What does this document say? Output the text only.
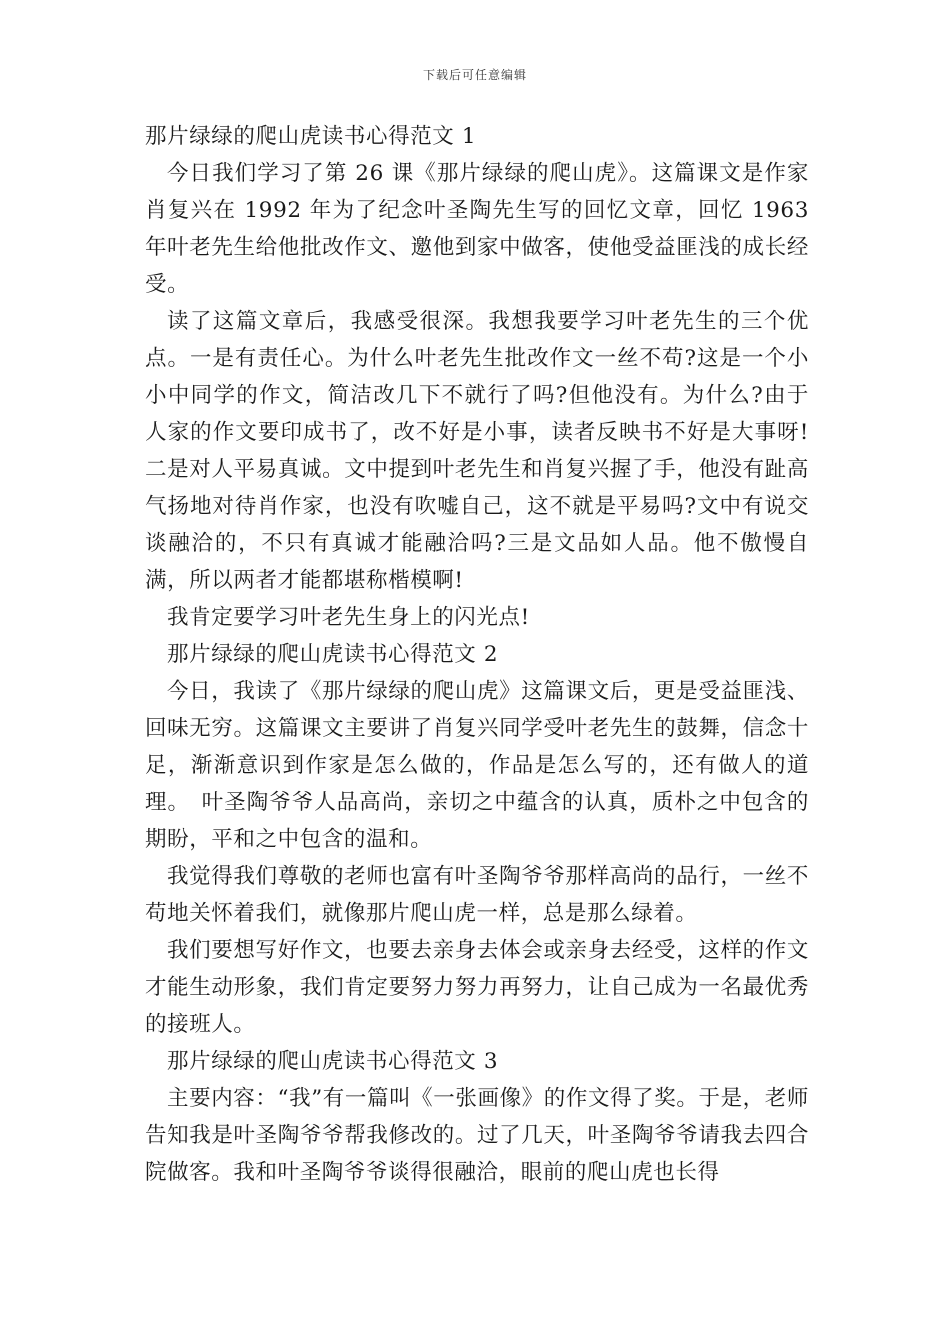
下载后可任意编辑

那片绿绿的爬山虎读书心得范文 1

今日我们学习了第 26 课《那片绿绿的爬山虎》。这篇课文是作家肖复兴在 1992 年为了纪念叶圣陶先生写的回忆文章，回忆 1963 年叶老先生给他批改作文、邀他到家中做客，使他受益匪浅的成长经受。

读了这篇文章后，我感受很深。我想我要学习叶老先生的三个优点。一是有责任心。为什么叶老先生批改作文一丝不苟?这是一个小小中同学的作文，简洁改几下不就行了吗?但他没有。为什么?由于人家的作文要印成书了，改不好是小事，读者反映书不好是大事呀!二是对人平易真诚。文中提到叶老先生和肖复兴握了手，他没有趾高气扬地对待肖作家，也没有吹嘘自己，这不就是平易吗?文中有说交谈融洽的，不只有真诚才能融洽吗?三是文品如人品。他不傲慢自满，所以两者才能都堪称楷模啊!

我肯定要学习叶老先生身上的闪光点!

那片绿绿的爬山虎读书心得范文 2

今日，我读了《那片绿绿的爬山虎》这篇课文后，更是受益匪浅、回味无穷。这篇课文主要讲了肖复兴同学受叶老先生的鼓舞，信念十足，渐渐意识到作家是怎么做的，作品是怎么写的，还有做人的道理。　叶圣陶爷爷人品高尚，亲切之中蕴含的认真，质朴之中包含的期盼，平和之中包含的温和。

我觉得我们尊敬的老师也富有叶圣陶爷爷那样高尚的品行，一丝不苟地关怀着我们，就像那片爬山虎一样，总是那么绿着。

我们要想写好作文，也要去亲身去体会或亲身去经受，这样的作文才能生动形象，我们肯定要努力努力再努力，让自己成为一名最优秀的接班人。

那片绿绿的爬山虎读书心得范文 3

主要内容：“我”有一篇叫《一张画像》的作文得了奖。于是，老师告知我是叶圣陶爷爷帮我修改的。过了几天，叶圣陶爷爷请我去四合院做客。我和叶圣陶爷爷谈得很融洽，眼前的爬山虎也长得
